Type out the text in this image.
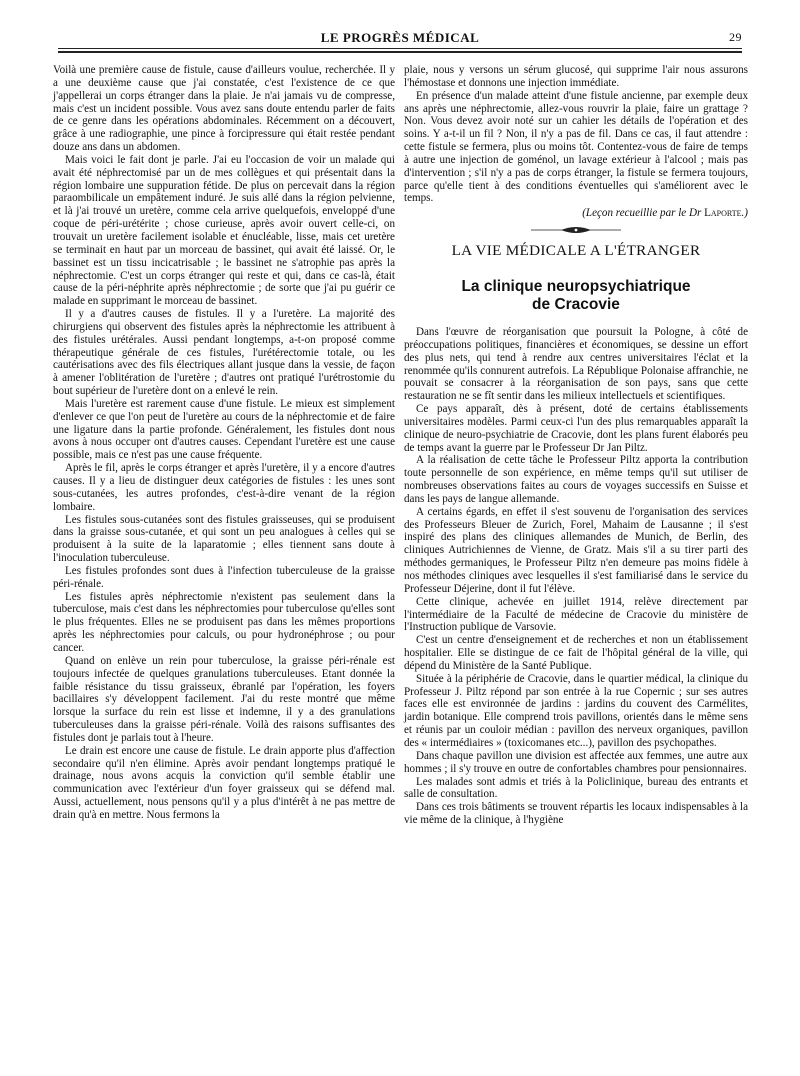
LE PROGRÈS MÉDICAL	29

Voilà une première cause de fistule, cause d'ailleurs voulue, recherchée. Il y a une deuxième cause que j'ai constatée, c'est l'existence de ce que j'appellerai un corps étranger dans la plaie. Je n'ai jamais vu de compresse, mais c'est un incident possible. Vous avez sans doute entendu parler de faits de ce genre dans les opérations abdominales. Récemment on a découvert, grâce à une radiographie, une pince à forcipressure qui était restée pendant douze ans dans un abdomen.

Mais voici le fait dont je parle. J'ai eu l'occasion de voir un malade qui avait été néphrectomisé par un de mes collègues et qui présentait dans la région lombaire une suppuration fétide. De plus on percevait dans la région paraombilicale un empâtement induré. Je suis allé dans la région pelvienne, et là j'ai trouvé un uretère, comme cela arrive quelquefois, enveloppé d'une coque de péri-urétérite ; chose curieuse, après avoir ouvert celle-ci, on trouvait un uretère facilement isolable et énucléable, lisse, mais cet uretère se terminait en haut par un morceau de bassinet, qui avait été laissé. Or, le bassinet est un tissu incicatrisable ; le bassinet ne s'atrophie pas après la néphrectomie. C'est un corps étranger qui reste et qui, dans ce cas-là, était cause de la péri-néphrite après néphrectomie ; de sorte que j'ai pu guérir ce malade en supprimant le morceau de bassinet.

Il y a d'autres causes de fistules. Il y a l'uretère. La majorité des chirurgiens qui observent des fistules après la néphrectomie les attribuent à des fistules urétérales. Aussi pendant longtemps, a-t-on proposé comme thérapeutique générale de ces fistules, l'urétérectomie totale, ou les cautérisations avec des fils électriques allant jusque dans la vessie, de façon à amener l'oblitération de l'uretère ; d'autres ont pratiqué l'urétrostomie du bout supérieur de l'uretère dont on a enlevé le rein.

Mais l'uretère est rarement cause d'une fistule. Le mieux est simplement d'enlever ce que l'on peut de l'uretère au cours de la néphrectomie et de faire une ligature dans la partie profonde. Généralement, les fistules dont nous avons à nous occuper ont d'autres causes. Cependant l'uretère est une cause possible, mais ce n'est pas une cause fréquente.

Après le fil, après le corps étranger et après l'uretère, il y a encore d'autres causes. Il y a lieu de distinguer deux catégories de fistules : les unes sont sous-cutanées, les autres profondes, c'est-à-dire venant de la région lombaire.

Les fistules sous-cutanées sont des fistules graisseuses, qui se produisent dans la graisse sous-cutanée, et qui sont un peu analogues à celles qui se produisent à la suite de la laparatomie ; elles tiennent sans doute à l'inoculation tuberculeuse.

Les fistules profondes sont dues à l'infection tuberculeuse de la graisse péri-rénale.

Les fistules après néphrectomie n'existent pas seulement dans la tuberculose, mais c'est dans les néphrectomies pour tuberculose qu'elles sont le plus fréquentes. Elles ne se produisent pas dans les mêmes proportions après les néphrectomies pour calculs, ou pour hydronéphrose ; ou pour cancer.

Quand on enlève un rein pour tuberculose, la graisse péri-rénale est toujours infectée de quelques granulations tuberculeuses. Etant donnée la faible résistance du tissu graisseux, ébranlé par l'opération, les foyers bacillaires s'y développent facilement. J'ai du reste montré que même lorsque la surface du rein est lisse et indemne, il y a des granulations tuberculeuses dans la graisse péri-rénale. Voilà des raisons suffisantes des fistules dont je parlais tout à l'heure.

Le drain est encore une cause de fistule. Le drain apporte plus d'affection secondaire qu'il n'en élimine. Après avoir pendant longtemps pratiqué le drainage, nous avons acquis la conviction qu'il semble établir une communication avec l'extérieur d'un foyer graisseux qui se défend mal. Aussi, actuellement, nous pensons qu'il y a plus d'intérêt à ne pas mettre de drain qu'à en mettre. Nous fermons la

plaie, nous y versons un sérum glucosé, qui supprime l'air nous assurons l'hémostase et donnons une injection immédiate.

En présence d'un malade atteint d'une fistule ancienne, par exemple deux ans après une néphrectomie, allez-vous rouvrir la plaie, faire un grattage ? Non. Vous devez avoir noté sur un cahier les détails de l'opération et des soins. Y a-t-il un fil ? Non, il n'y a pas de fil. Dans ce cas, il faut attendre : cette fistule se fermera, plus ou moins tôt. Contentez-vous de faire de temps à autre une injection de goménol, un lavage extérieur à l'alcool ; mais pas d'intervention ; s'il n'y a pas de corps étranger, la fistule se fermera toujours, parce qu'elle tient à des conditions éventuelles qui s'améliorent avec le temps.

(Leçon recueillie par le Dr Laporte.)

LA VIE MÉDICALE A L'ÉTRANGER
La clinique neuropsychiatrique
de Cracovie

Dans l'œuvre de réorganisation que poursuit la Pologne, à côté de préoccupations politiques, financières et économiques, se dessine un effort des plus nets, qui tend à rendre aux centres universitaires l'éclat et la renommée qu'ils connurent autrefois. La République Polonaise affranchie, ne pouvait se consacrer à la réorganisation de son pays, sans que cette restauration ne se fît sentir dans les milieux intellectuels et scientifiques.

Ce pays apparaît, dès à présent, doté de certains établissements universitaires modèles. Parmi ceux-ci l'un des plus remarquables apparaît la clinique de neuro-psychiatrie de Cracovie, dont les plans furent élaborés peu de temps avant la guerre par le Professeur Dr Jan Piltz.

A la réalisation de cette tâche le Professeur Piltz apporta la contribution toute personnelle de son expérience, en même temps qu'il sut utiliser de nombreuses observations faites au cours de voyages successifs en Suisse et dans les pays de langue allemande.

A certains égards, en effet il s'est souvenu de l'organisation des services des Professeurs Bleuer de Zurich, Forel, Mahaim de Lausanne ; il s'est inspiré des plans des cliniques allemandes de Munich, de Berlin, des cliniques Autrichiennes de Vienne, de Gratz. Mais s'il a su tirer parti des méthodes germaniques, le Professeur Piltz n'en demeure pas moins fidèle à nos méthodes cliniques avec lesquelles il s'est familiarisé dans le service du Professeur Déjerine, dont il fut l'élève.

Cette clinique, achevée en juillet 1914, relève directement par l'intermédiaire de la Faculté de médecine de Cracovie du ministère de l'Instruction publique de Varsovie.

C'est un centre d'enseignement et de recherches et non un établissement hospitalier. Elle se distingue de ce fait de l'hôpital général de la ville, qui dépend du Ministère de la Santé Publique.

Située à la périphérie de Cracovie, dans le quartier médical, la clinique du Professeur J. Piltz répond par son entrée à la rue Copernic ; sur ses autres faces elle est environnée de jardins : jardins du couvent des Carmélites, jardin botanique. Elle comprend trois pavillons, orientés dans le même sens et réunis par un couloir médian : pavillon des nerveux organiques, pavillon des « intermédiaires » (toxicomanes etc...), pavillon des psychopathes.

Dans chaque pavillon une division est affectée aux femmes, une autre aux hommes ; il s'y trouve en outre de confortables chambres pour pensionnaires.

Les malades sont admis et triés à la Policlinique, bureau des entrants et salle de consultation.

Dans ces trois bâtiments se trouvent répartis les locaux indispensables à la vie même de la clinique, à l'hygiène
